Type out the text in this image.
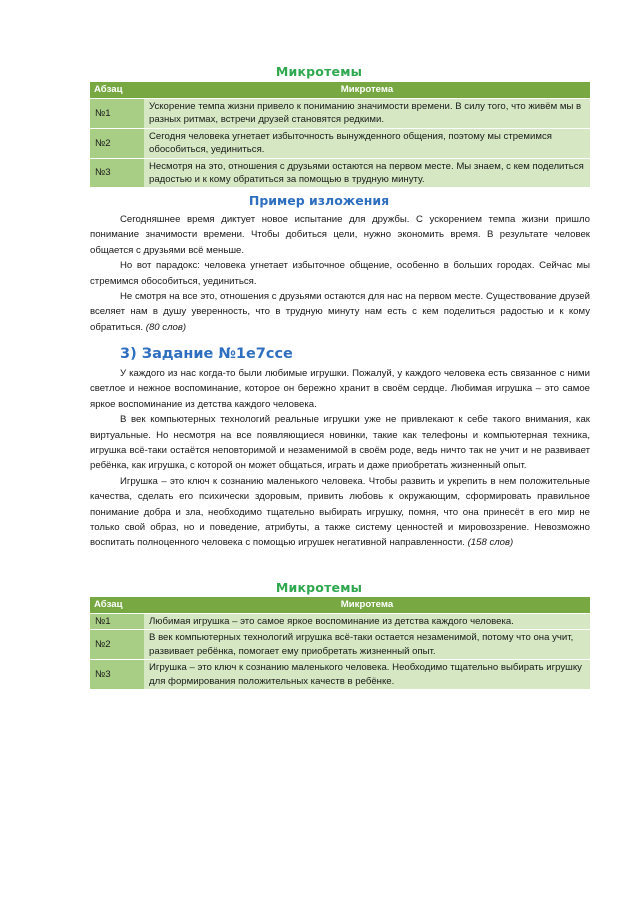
Микротемы
Абзац	Микротема
№1	Ускорение темпа жизни привело к пониманию значимости времени. В силу того, что живём мы в разных ритмах, встречи друзей становятся редкими.
№2	Сегодня человека угнетает избыточность вынужденного общения, поэтому мы стремимся обособиться, уединиться.
№3	Несмотря на это, отношения с друзьями остаются на первом месте. Мы знаем, с кем поделиться радостью и к кому обратиться за помощью в трудную минуту.
Пример изложения

Сегодняшнее время диктует новое испытание для дружбы. С ускорением темпа жизни пришло понимание значимости времени. Чтобы добиться цели, нужно экономить время. В результате человек общается с друзьями всё меньше.

Но вот парадокс: человека угнетает избыточное общение, особенно в больших городах. Сейчас мы стремимся обособиться, уединиться.

Не смотря на все это, отношения с друзьями остаются для нас на первом месте. Существование друзей вселяет нам в душу уверенность, что в трудную минуту нам есть с кем поделиться радостью и к кому обратиться. (80 слов)

3) Задание №1е7ссе

У каждого из нас когда-то были любимые игрушки. Пожалуй, у каждого человека есть связанное с ними светлое и нежное воспоминание, которое он бережно хранит в своём сердце. Любимая игрушка – это самое яркое воспоминание из детства каждого человека.

В век компьютерных технологий реальные игрушки уже не привлекают к себе такого внимания, как виртуальные. Но несмотря на все появляющиеся новинки, такие как телефоны и компьютерная техника, игрушка всё-таки остаётся неповторимой и незаменимой в своём роде, ведь ничто так не учит и не развивает ребёнка, как игрушка, с которой он может общаться, играть и даже приобретать жизненный опыт.

Игрушка – это ключ к сознанию маленького человека. Чтобы развить и укрепить в нем положительные качества, сделать его психически здоровым, привить любовь к окружающим, сформировать правильное понимание добра и зла, необходимо тщательно выбирать игрушку, помня, что она принесёт в его мир не только свой образ, но и поведение, атрибуты, а также систему ценностей и мировоззрение. Невозможно воспитать полноценного человека с помощью игрушек негативной направленности. (158 слов)

Микротемы
Абзац	Микротема
№1	Любимая игрушка – это самое яркое воспоминание из детства каждого человека.
№2	В век компьютерных технологий игрушка всё-таки остается незаменимой, потому что она учит, развивает ребёнка, помогает ему приобретать жизненный опыт.
№3	Игрушка – это ключ к сознанию маленького человека. Необходимо тщательно выбирать игрушку для формирования положительных качеств в ребёнке.
